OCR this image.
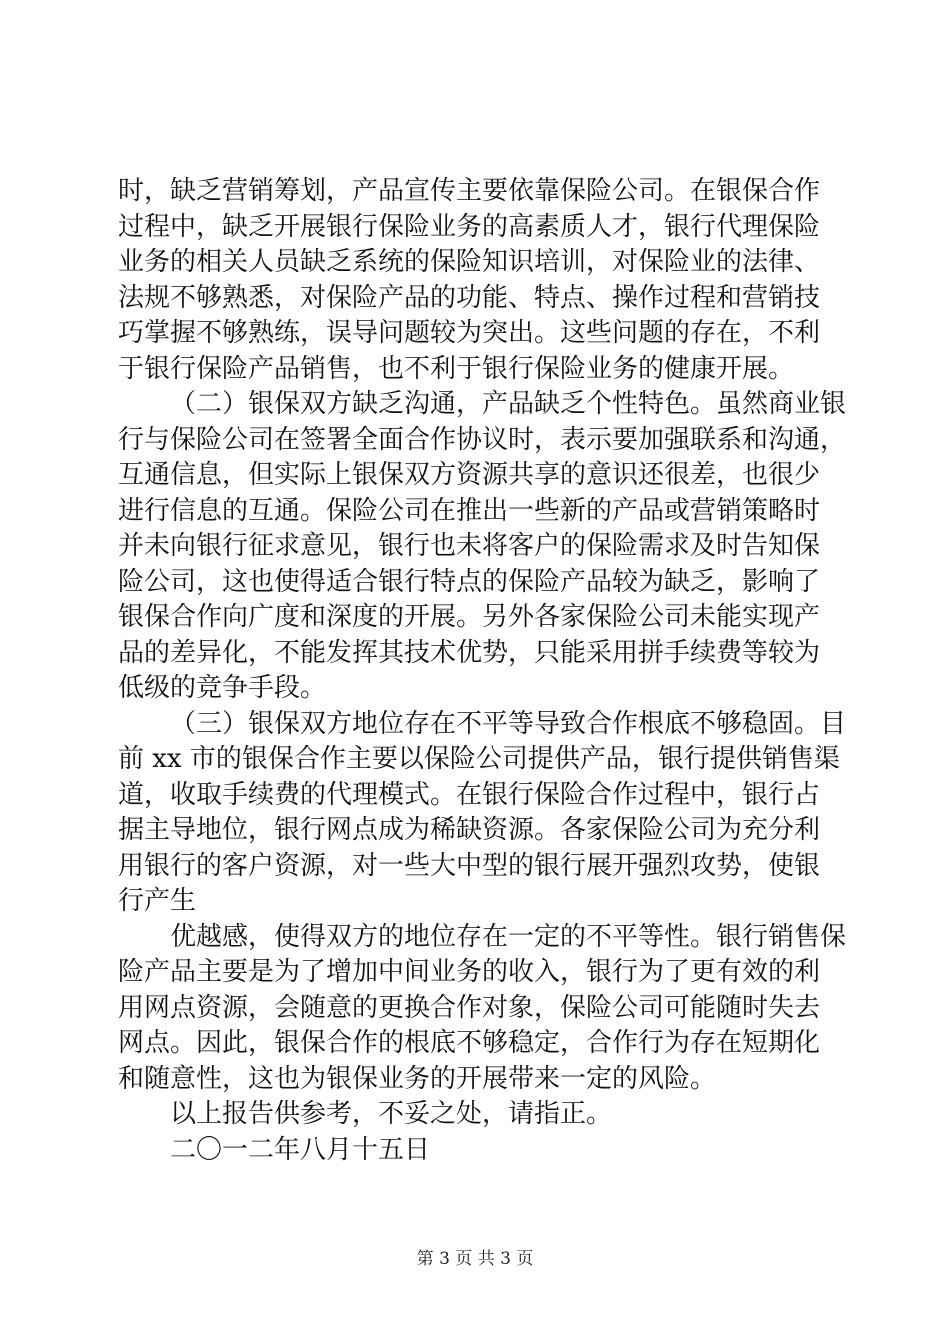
时，缺乏营销筹划，产品宣传主要依靠保险公司。在银保合作
过程中，缺乏开展银行保险业务的高素质人才，银行代理保险
业务的相关人员缺乏系统的保险知识培训，对保险业的法律、
法规不够熟悉，对保险产品的功能、特点、操作过程和营销技
巧掌握不够熟练，误导问题较为突出。这些问题的存在，不利
于银行保险产品销售，也不利于银行保险业务的健康开展。
（二）银保双方缺乏沟通，产品缺乏个性特色。虽然商业银
行与保险公司在签署全面合作协议时，表示要加强联系和沟通，
互通信息，但实际上银保双方资源共享的意识还很差，也很少
进行信息的互通。保险公司在推出一些新的产品或营销策略时
并未向银行征求意见，银行也未将客户的保险需求及时告知保
险公司，这也使得适合银行特点的保险产品较为缺乏，影响了
银保合作向广度和深度的开展。另外各家保险公司未能实现产
品的差异化，不能发挥其技术优势，只能采用拼手续费等较为
低级的竞争手段。
（三）银保双方地位存在不平等导致合作根底不够稳固。目
前 xx 市的银保合作主要以保险公司提供产品，银行提供销售渠
道，收取手续费的代理模式。在银行保险合作过程中，银行占
据主导地位，银行网点成为稀缺资源。各家保险公司为充分利
用银行的客户资源，对一些大中型的银行展开强烈攻势，使银
行产生
优越感，使得双方的地位存在一定的不平等性。银行销售保
险产品主要是为了增加中间业务的收入，银行为了更有效的利
用网点资源，会随意的更换合作对象，保险公司可能随时失去
网点。因此，银保合作的根底不够稳定，合作行为存在短期化
和随意性，这也为银保业务的开展带来一定的风险。
以上报告供参考，不妥之处，请指正。
二〇一二年八月十五日
第 3 页 共 3 页
